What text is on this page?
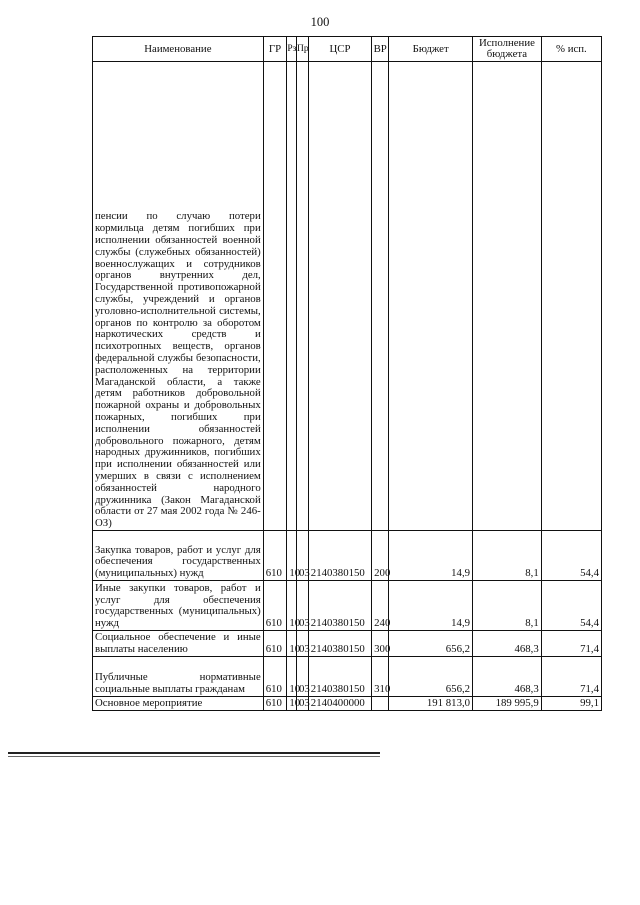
100
Наименование	ГР	Рз	Пр	ЦСР	ВР	Бюджет	Исполнение бюджета	% исп.
пенсии по случаю потери кормильца детям погибших при исполнении обязанностей военной службы (служебных обязанностей) военнослужащих и сотрудников органов внутренних дел, Государственной противопожарной службы, учреждений и органов уголовно-исполнительной системы, органов по контролю за оборотом наркотических средств и психотропных веществ, органов федеральной службы безопасности, расположенных на территории Магаданской области, а также детям работников добровольной пожарной охраны и добровольных пожарных, погибших при исполнении обязанностей добровольного пожарного, детям народных дружинников, погибших при исполнении обязанностей или умерших в связи с исполнением обязанностей народного дружинника (Закон Магаданской области от 27 мая 2002 года № 246-ОЗ)								
Закупка товаров, работ и услуг для обеспечения государственных (муниципальных) нужд	610	10	03	2140380150	200	14,9	8,1	54,4
Иные закупки товаров, работ и услуг для обеспечения государственных (муниципальных) нужд	610	10	03	2140380150	240	14,9	8,1	54,4
Социальное обеспечение и иные выплаты населению	610	10	03	2140380150	300	656,2	468,3	71,4
Публичные нормативные социальные выплаты гражданам	610	10	03	2140380150	310	656,2	468,3	71,4
Основное мероприятие	610	10	03	2140400000		191 813,0	189 995,9	99,1
